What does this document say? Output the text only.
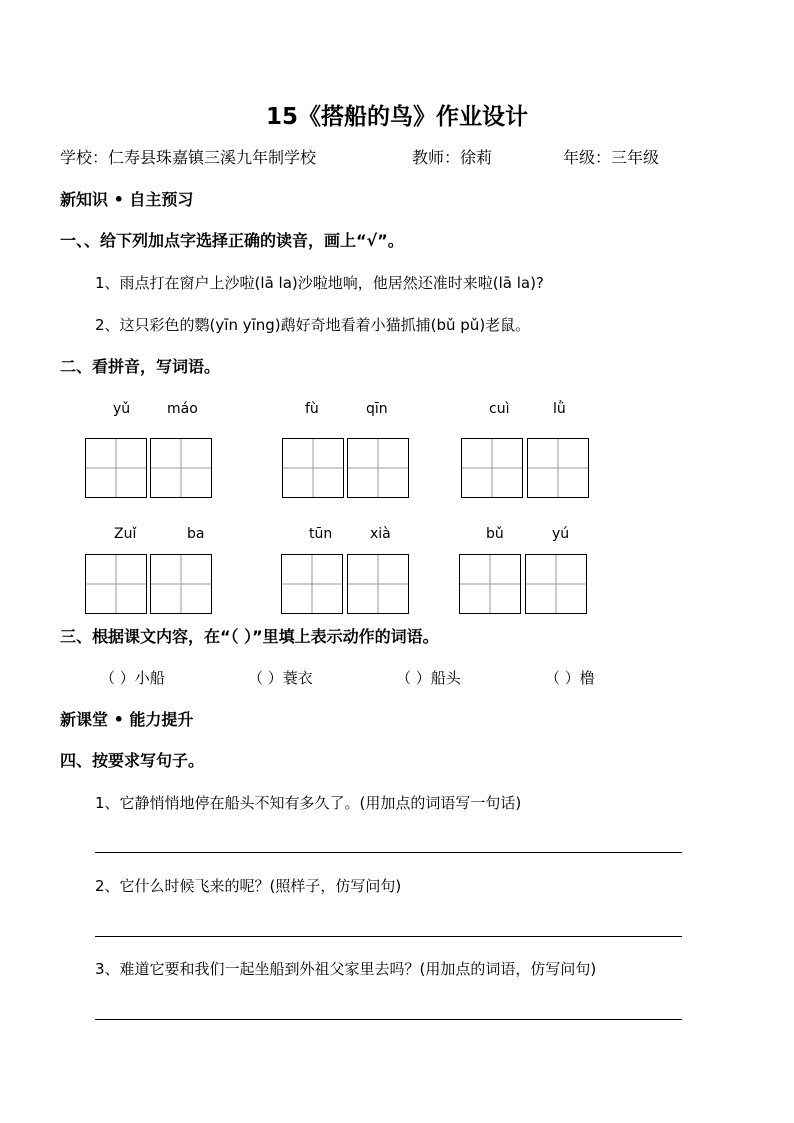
15《搭船的鸟》作业设计
学校：仁寿县珠嘉镇三溪九年制学校	教师：徐莉	年级：三年级
新知识 • 自主预习
一、、给下列加点字选择正确的读音，画上“√”。
1、雨点打在窗户上沙啦(lā la)沙啦地响，他居然还准时来啦(lā la)?
2、这只彩色的鹦(yīn yīng)鹉好奇地看着小猫抓捕(bǔ pǔ)老鼠。
二、看拼音，写词语。
yǔ	máo	fù	qīn	cuì	lǜ
Zuǐ	ba	tūn	xià	bǔ	yú
三、根据课文内容，在“（ ）”里填上表示动作的词语。
（ ）小船	（ ）蓑衣	（ ）船头	（ ）橹
新课堂 • 能力提升
四、按要求写句子。
1、它静悄悄地停在船头不知有多久了。(用加点的词语写一句话)
2、它什么时候飞来的呢？(照样子，仿写问句)
3、难道它要和我们一起坐船到外祖父家里去吗？(用加点的词语，仿写问句)
